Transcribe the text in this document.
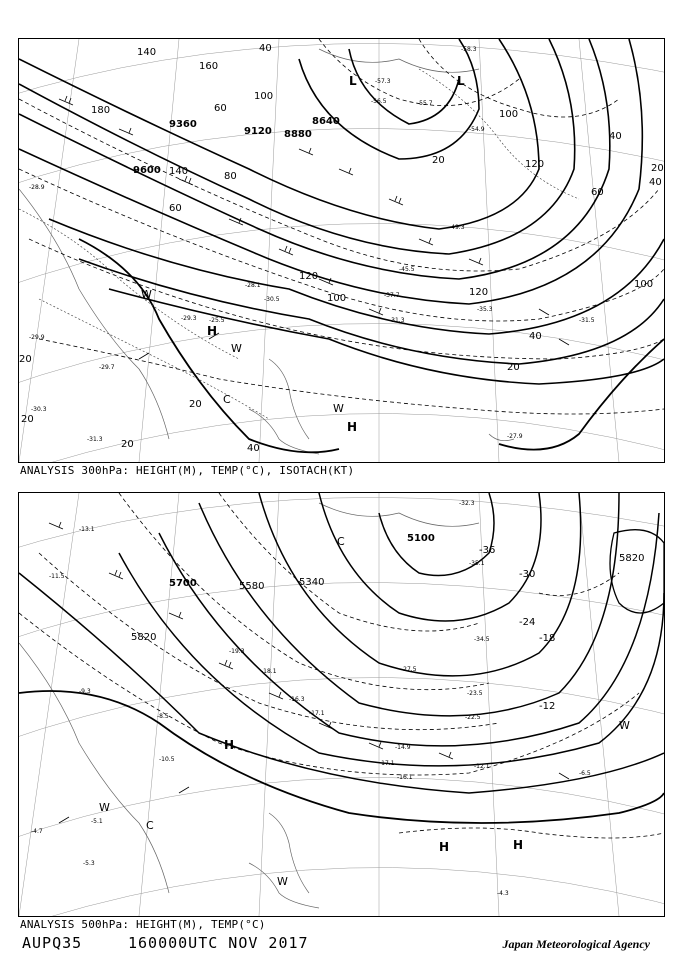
9360
9120 8880
8640
9600
140
160
180
100
60
120
140
100
120
100
80
60
40
20
20
20
20	40
40
60
100
120
20
40
20
20
40
-58.3
-57.3
-55.7
-56.5
-54.9
-49.3
-45.5
-37.7
-31.3	-31.5
-35.3
-29.3
-29.7
-30.5
-28.9
-29.9
-30.3
-31.3	-27.9
-25.5
-28.1
L	L
H
H
W
W
W
C
ANALYSIS 300hPa: HEIGHT(M), TEMP(°C), ISOTACH(KT)
5100
5340
5580
5700
5820
5820
-24
-18
-12
-30
-36
-32.3
-35.1
-34.5
-27.5
-23.5
-22.5
-17.1	-12.1
-6.5
-5.3
-4.3
-4.7
-5.1
-16.1
-14.9
-10.5
-8.5
-9.3
-11.5
-13.1
-17.1
-16.3
-18.1
-19.3
H
H	H
W
W
W
C
C
ANALYSIS 500hPa: HEIGHT(M), TEMP(°C)
AUPQ35	160000UTC NOV 2017	Japan Meteorological Agency
